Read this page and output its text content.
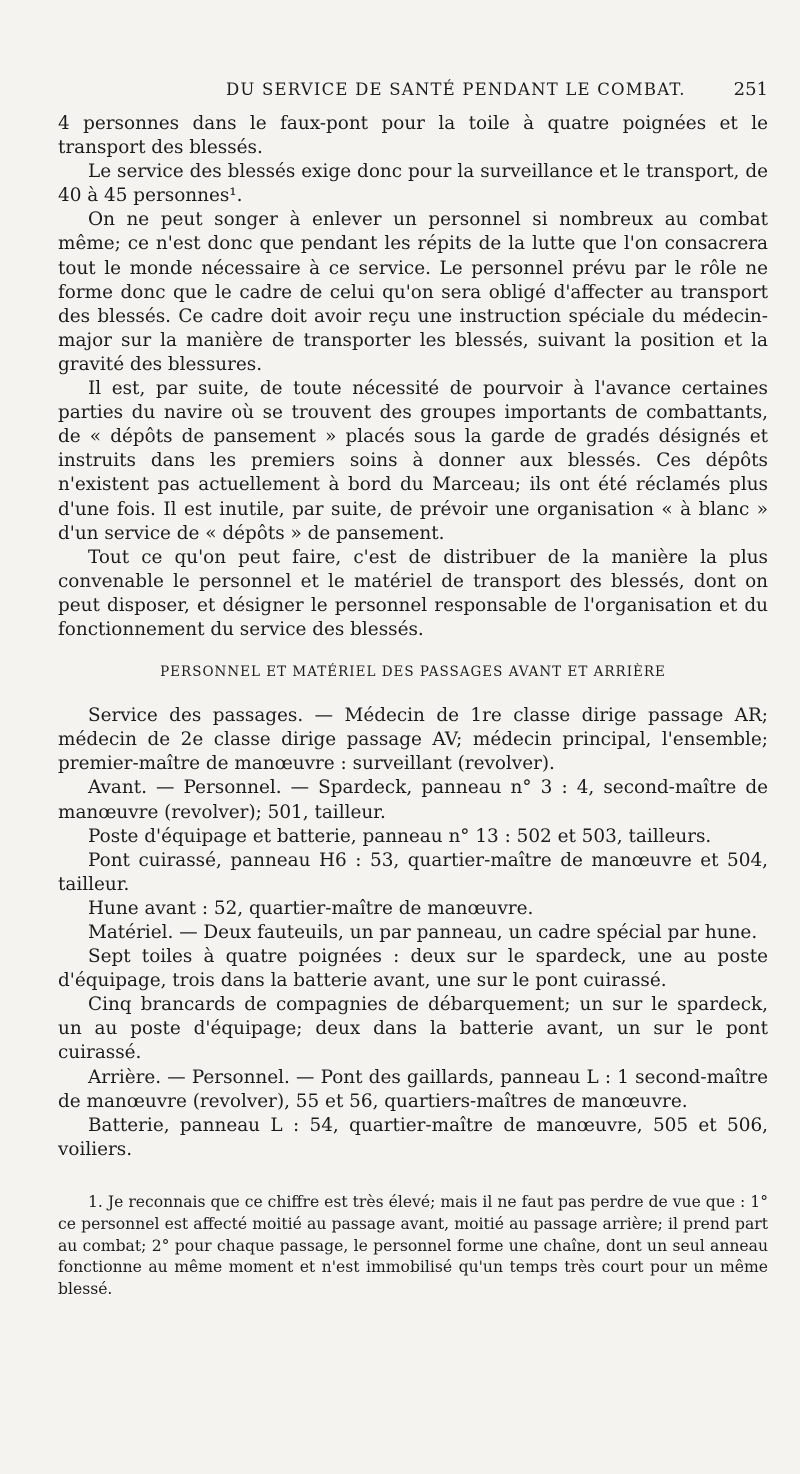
DU SERVICE DE SANTÉ PENDANT LE COMBAT.	251

4 personnes dans le faux-pont pour la toile à quatre poignées et le transport des blessés.

Le service des blessés exige donc pour la surveillance et le transport, de 40 à 45 personnes¹.

On ne peut songer à enlever un personnel si nombreux au combat même; ce n'est donc que pendant les répits de la lutte que l'on consacrera tout le monde nécessaire à ce service. Le personnel prévu par le rôle ne forme donc que le cadre de celui qu'on sera obligé d'affecter au transport des blessés. Ce cadre doit avoir reçu une instruction spéciale du médecin-major sur la manière de transporter les blessés, suivant la position et la gravité des blessures.

Il est, par suite, de toute nécessité de pourvoir à l'avance certaines parties du navire où se trouvent des groupes importants de combattants, de « dépôts de pansement » placés sous la garde de gradés désignés et instruits dans les premiers soins à donner aux blessés. Ces dépôts n'existent pas actuellement à bord du Marceau; ils ont été réclamés plus d'une fois. Il est inutile, par suite, de prévoir une organisation « à blanc » d'un service de « dépôts » de pansement.

Tout ce qu'on peut faire, c'est de distribuer de la manière la plus convenable le personnel et le matériel de transport des blessés, dont on peut disposer, et désigner le personnel responsable de l'organisation et du fonctionnement du service des blessés.

PERSONNEL ET MATÉRIEL DES PASSAGES AVANT ET ARRIÈRE

Service des passages. — Médecin de 1re classe dirige passage AR; médecin de 2e classe dirige passage AV; médecin principal, l'ensemble; premier-maître de manœuvre : surveillant (revolver).

Avant. — Personnel. — Spardeck, panneau n° 3 : 4, second-maître de manœuvre (revolver); 501, tailleur.

Poste d'équipage et batterie, panneau n° 13 : 502 et 503, tailleurs.

Pont cuirassé, panneau H6 : 53, quartier-maître de manœuvre et 504, tailleur.

Hune avant : 52, quartier-maître de manœuvre.

Matériel. — Deux fauteuils, un par panneau, un cadre spécial par hune.

Sept toiles à quatre poignées : deux sur le spardeck, une au poste d'équipage, trois dans la batterie avant, une sur le pont cuirassé.

Cinq brancards de compagnies de débarquement; un sur le spardeck, un au poste d'équipage; deux dans la batterie avant, un sur le pont cuirassé.

Arrière. — Personnel. — Pont des gaillards, panneau L : 1 second-maître de manœuvre (revolver), 55 et 56, quartiers-maîtres de manœuvre.

Batterie, panneau L : 54, quartier-maître de manœuvre, 505 et 506, voiliers.

1. Je reconnais que ce chiffre est très élevé; mais il ne faut pas perdre de vue que : 1° ce personnel est affecté moitié au passage avant, moitié au passage arrière; il prend part au combat; 2° pour chaque passage, le personnel forme une chaîne, dont un seul anneau fonctionne au même moment et n'est immobilisé qu'un temps très court pour un même blessé.
